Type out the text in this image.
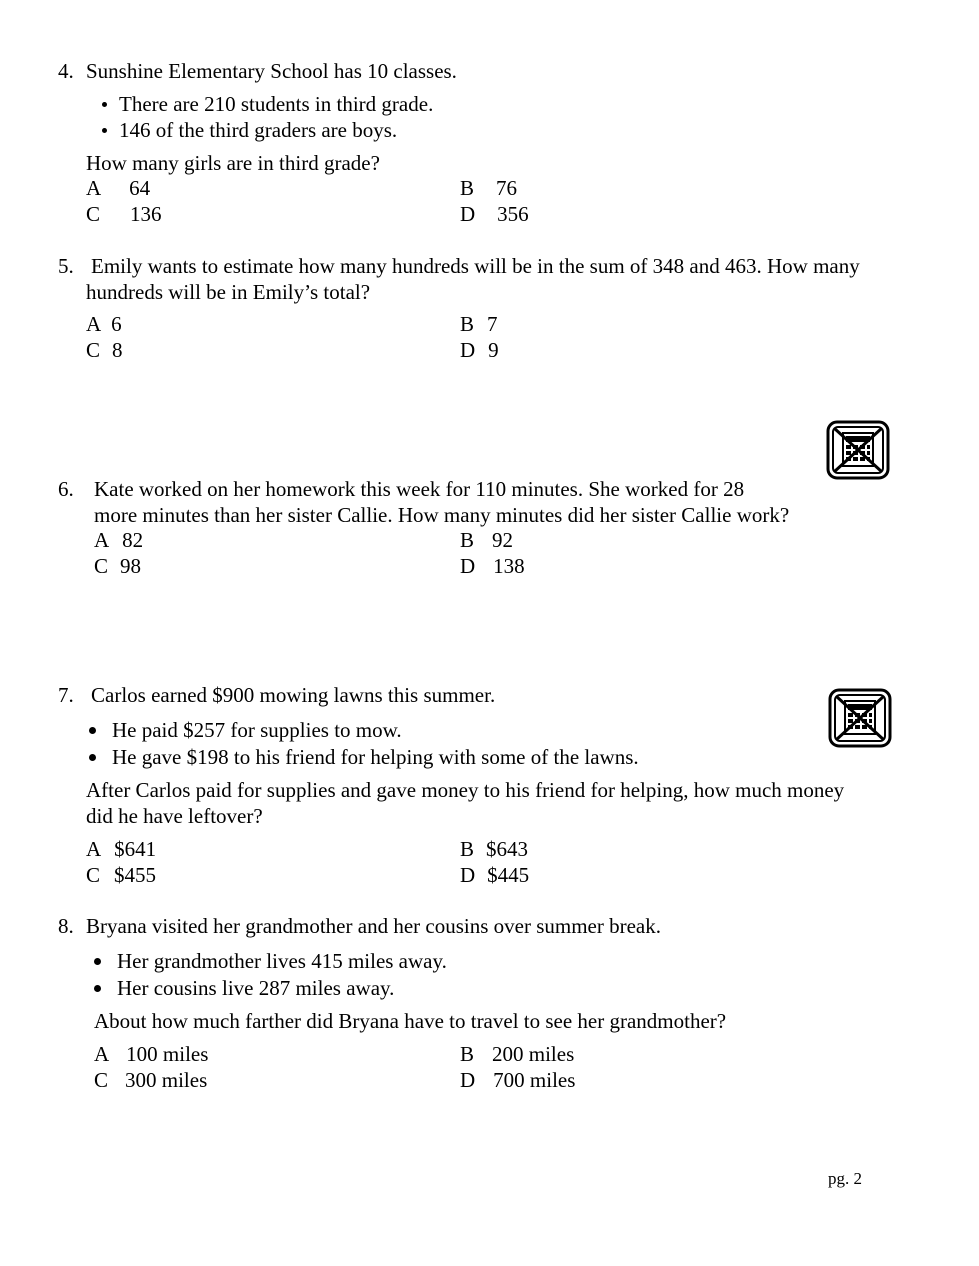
4. Sunshine Elementary School has 10 classes.
There are 210 students in third grade.
146 of the third graders are boys.
How many girls are in third grade?
A 64	B 76
C 136	D 356
5. Emily wants to estimate how many hundreds will be in the sum of 348 and 463. How many
hundreds will be in Emily’s total?
A 6	B 7
C 8	D 9
6. Kate worked on her homework this week for 110 minutes. She worked for 28
more minutes than her sister Callie. How many minutes did her sister Callie work?
A 82	B 92
C 98	D 138
7. Carlos earned $900 mowing lawns this summer.
He paid $257 for supplies to mow.
He gave $198 to his friend for helping with some of the lawns.
After Carlos paid for supplies and gave money to his friend for helping, how much money
did he have leftover?
A $641	B $643
C $455	D $445
8. Bryana visited her grandmother and her cousins over summer break.
Her grandmother lives 415 miles away.
Her cousins live 287 miles away.
About how much farther did Bryana have to travel to see her grandmother?
A 100 miles	B 200 miles
C 300 miles	D 700 miles
pg. 2
